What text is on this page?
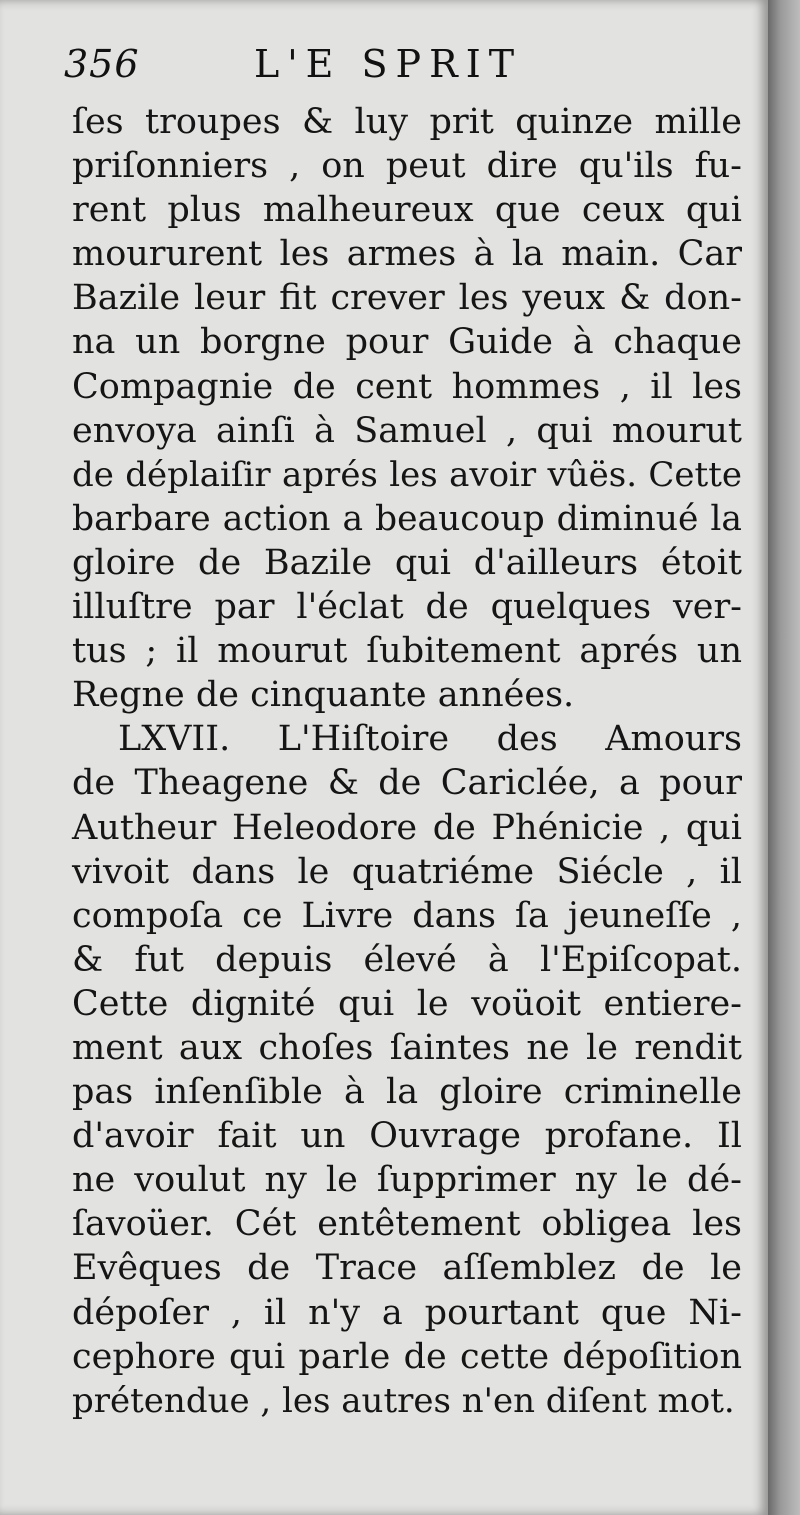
356	L'E SPRIT
ſes troupes & luy prit quinze mille
priſonniers , on peut dire qu'ils fu-
rent plus malheureux que ceux qui
moururent les armes à la main. Car
Bazile leur fit crever les yeux & don-
na un borgne pour Guide à chaque
Compagnie de cent hommes , il les
envoya ainſi à Samuel , qui mourut
de déplaiſir aprés les avoir vûës. Cette
barbare action a beaucoup diminué la
gloire de Bazile qui d'ailleurs étoit
illuſtre par l'éclat de quelques ver-
tus ; il mourut ſubitement aprés un
Regne de cinquante années.
LXVII. L'Hiſtoire des Amours
de Theagene & de Cariclée, a pour
Autheur Heleodore de Phénicie , qui
vivoit dans le quatriéme Siécle , il
compoſa ce Livre dans ſa jeuneſſe ,
& fut depuis élevé à l'Epiſcopat.
Cette dignité qui le voüoit entiere-
ment aux choſes ſaintes ne le rendit
pas inſenſible à la gloire criminelle
d'avoir fait un Ouvrage profane. Il
ne voulut ny le ſupprimer ny le dé-
ſavoüer. Cét entêtement obligea les
Evêques de Trace aſſemblez de le
dépoſer , il n'y a pourtant que Ni-
cephore qui parle de cette dépoſition
prétendue , les autres n'en diſent mot.
